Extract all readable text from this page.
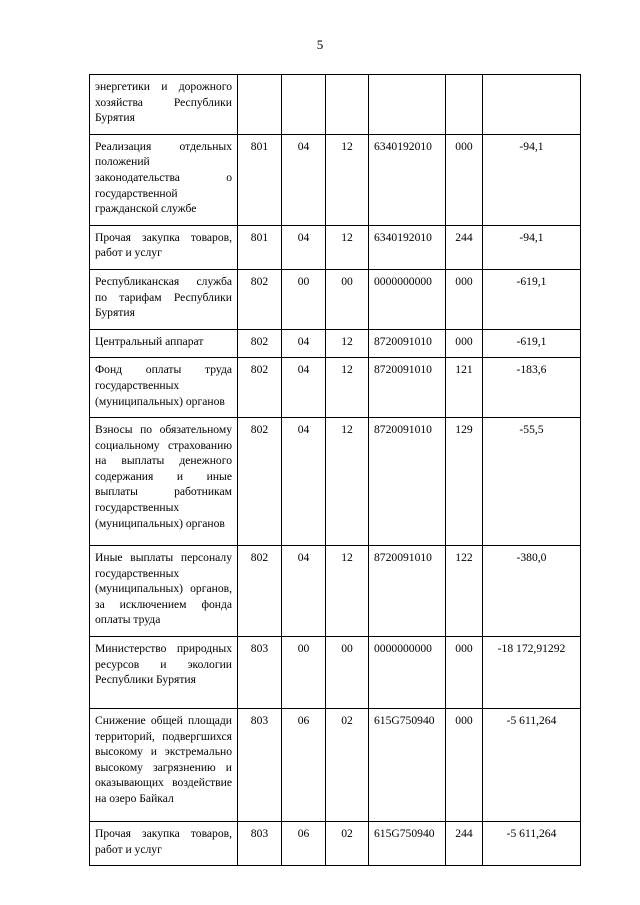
5
энергетики и дорожного хозяйства Республики Бурятия						
Реализация отдельных положений законодательства о государственной гражданской службе	801	04	12	6340192010	000	-94,1
Прочая закупка товаров, работ и услуг	801	04	12	6340192010	244	-94,1
Республиканская служба по тарифам Республики Бурятия	802	00	00	0000000000	000	-619,1
Центральный аппарат	802	04	12	8720091010	000	-619,1
Фонд оплаты труда государственных (муниципальных) органов	802	04	12	8720091010	121	-183,6
Взносы по обязательному социальному страхованию на выплаты денежного содержания и иные выплаты работникам государственных (муниципальных) органов	802	04	12	8720091010	129	-55,5
Иные выплаты персоналу государственных (муниципальных) органов, за исключением фонда оплаты труда	802	04	12	8720091010	122	-380,0
Министерство природных ресурсов и экологии Республики Бурятия	803	00	00	0000000000	000	-18 172,91292
Снижение общей площади территорий, подвергшихся высокому и экстремально высокому загрязнению и оказывающих воздействие на озеро Байкал	803	06	02	615G750940	000	-5 611,264
Прочая закупка товаров, работ и услуг	803	06	02	615G750940	244	-5 611,264
